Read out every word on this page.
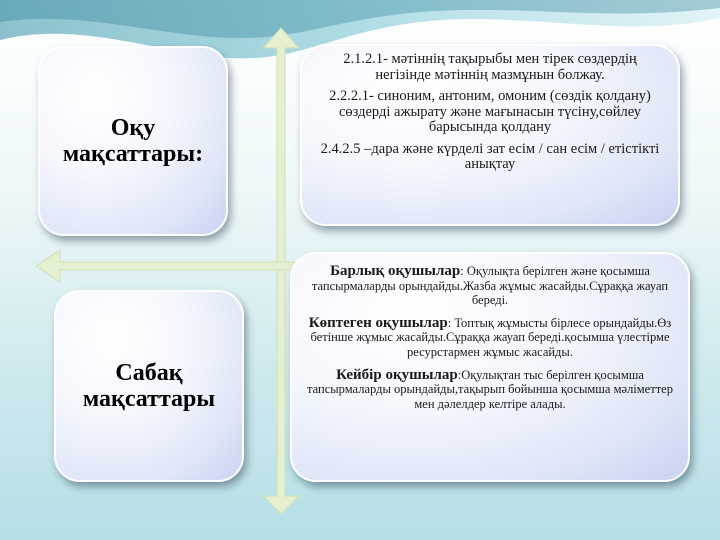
Оқу
мақсаттары:
Сабақ
мақсаттары

2.1.2.1- мәтіннің тақырыбы мен тірек сөздердің негізінде мәтіннің мазмұнын болжау.

2.2.2.1- синоним, антоним, омоним (сөздік қолдану) сөздерді ажырату және мағынасын түсіну,сөйлеу барысында қолдану

2.4.2.5 –дара және күрделі зат есім / сан есім / етістікті анықтау

Барлық оқушылар: Оқулықта берілген және қосымша тапсырмаларды орындайды.Жазба жұмыс жасайды.Сұраққа жауап береді.

Көптеген оқушылар: Топтық жұмысты бірлесе орындайды.Өз бетінше жұмыс жасайды.Сұраққа жауап береді.қосымша үлестірме ресурстармен жұмыс жасайды.

Кейбір оқушылар:Оқулықтан тыс берілген қосымша тапсырмаларды орындайды,тақырып бойынша қосымша мәліметтер мен дәлелдер келтіре алады.
